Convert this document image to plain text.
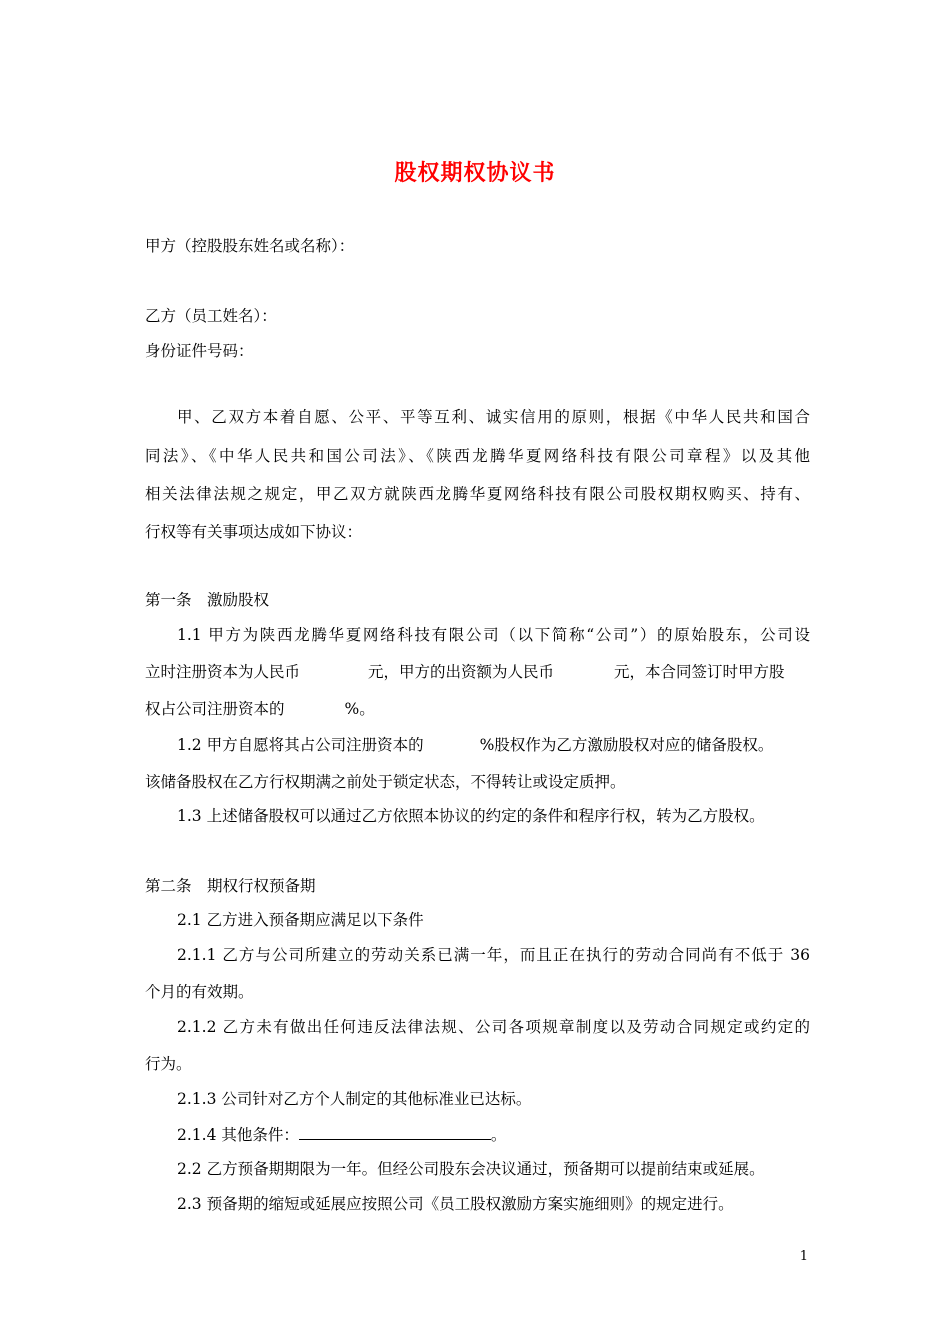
股权期权协议书
甲方（控股股东姓名或名称）：
乙方（员工姓名）：
身份证件号码：
甲、乙双方本着自愿、公平、平等互利、诚实信用的原则，根据《中华人民共和国合
同法》、《中华人民共和国公司法》、《陕西龙腾华夏网络科技有限公司章程》以及其他
相关法律法规之规定，甲乙双方就陕西龙腾华夏网络科技有限公司股权期权购买、持有、
行权等有关事项达成如下协议：
第一条　激励股权
1.1 甲方为陕西龙腾华夏网络科技有限公司（以下简称“公司”）的原始股东，公司设
立时注册资本为人民币	元，甲方的出资额为人民币	元，本合同签订时甲方股
权占公司注册资本的	%。
1.2 甲方自愿将其占公司注册资本的	%股权作为乙方激励股权对应的储备股权。
该储备股权在乙方行权期满之前处于锁定状态，不得转让或设定质押。
1.3 上述储备股权可以通过乙方依照本协议的约定的条件和程序行权，转为乙方股权。
第二条　期权行权预备期
2.1 乙方进入预备期应满足以下条件
2.1.1 乙方与公司所建立的劳动关系已满一年，而且正在执行的劳动合同尚有不低于 36
个月的有效期。
2.1.2 乙方未有做出任何违反法律法规、公司各项规章制度以及劳动合同规定或约定的
行为。
2.1.3 公司针对乙方个人制定的其他标准业已达标。
2.1.4 其他条件：	。
2.2 乙方预备期期限为一年。但经公司股东会决议通过，预备期可以提前结束或延展。
2.3 预备期的缩短或延展应按照公司《员工股权激励方案实施细则》的规定进行。
1
